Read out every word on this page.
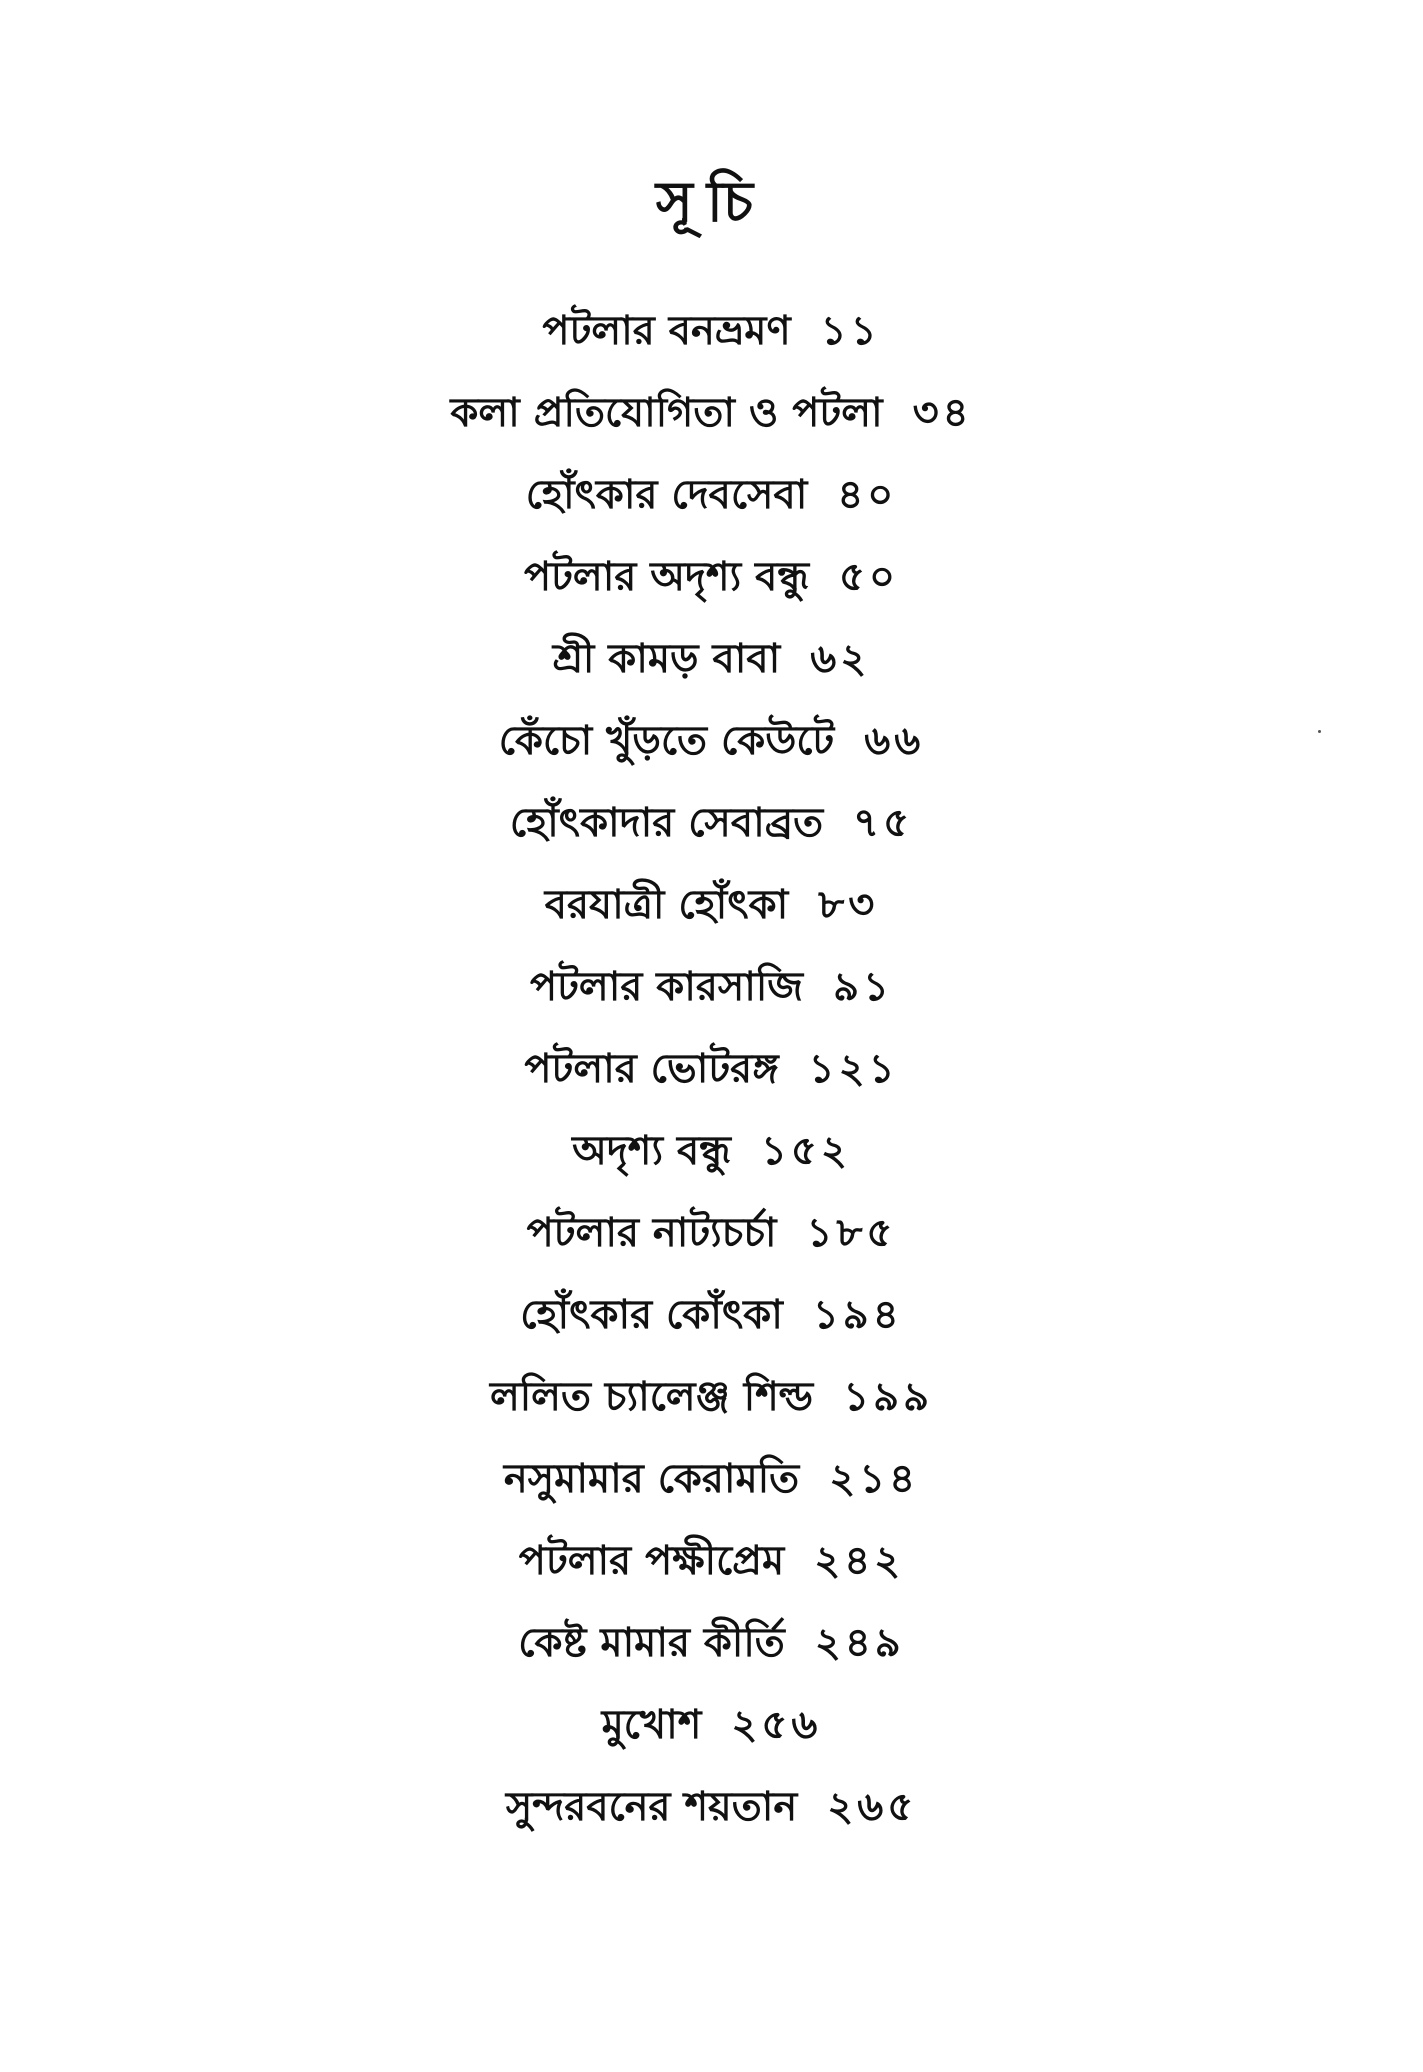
সূচি
পটলার বনভ্রমণ ১১
কলা প্রতিযোগিতা ও পটলা ৩৪
হোঁৎকার দেবসেবা ৪০
পটলার অদৃশ্য বন্ধু ৫০
শ্রী কামড় বাবা ৬২
কেঁচো খুঁড়তে কেউটে ৬৬
হোঁৎকাদার সেবাব্রত ৭৫
বরযাত্রী হোঁৎকা ৮৩
পটলার কারসাজি ৯১
পটলার ভোটরঙ্গ ১২১
অদৃশ্য বন্ধু ১৫২
পটলার নাট্যচর্চা ১৮৫
হোঁৎকার কোঁৎকা ১৯৪
ললিত চ্যালেঞ্জ শিল্ড ১৯৯
নসুমামার কেরামতি ২১৪
পটলার পক্ষীপ্রেম ২৪২
কেষ্ট মামার কীর্তি ২৪৯
মুখোশ ২৫৬
সুন্দরবনের শয়তান ২৬৫
